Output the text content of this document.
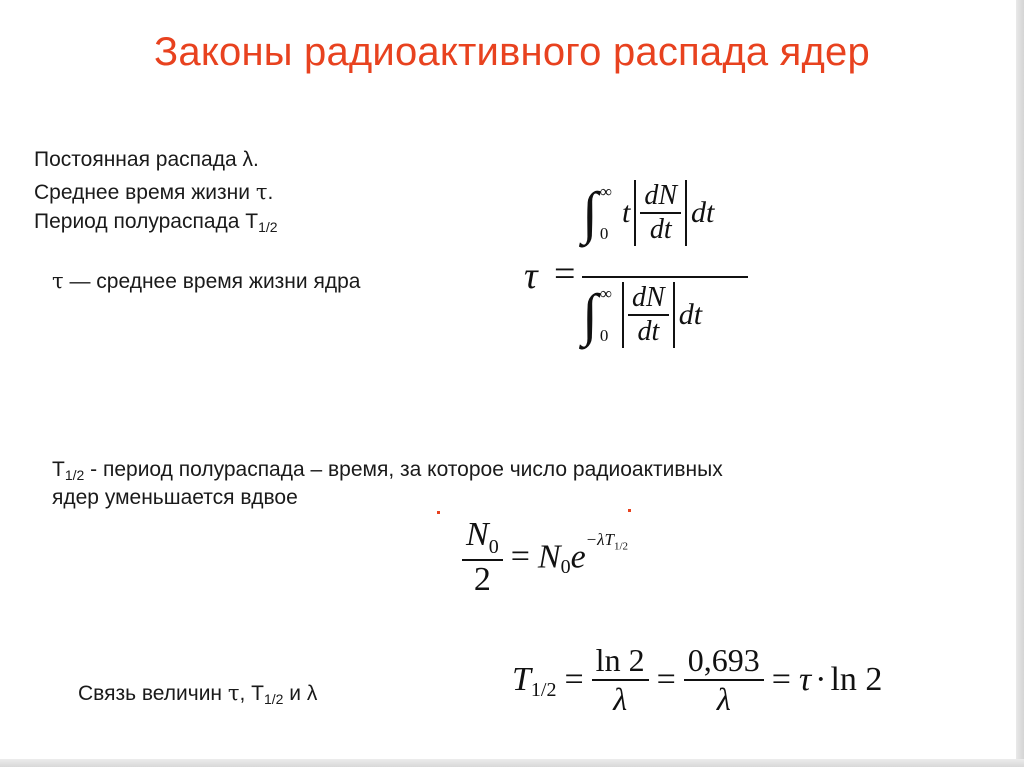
Законы радиоактивного распада ядер
Постоянная распада λ.
Среднее время жизни τ.
Период полураспада $Т_{1/2}$
τ — среднее время жизни ядра	τ =
∫ ∞
0
t $\frac{dN}{dt}$ dt
∫ ∞
0
$\frac{dN}{dt}$ dt
$Т_{1/2}$ - период полураспада – время, за которое число радиоактивных
ядер уменьшается вдвое
$\frac{N_0}{2} = N_0e-\lambda T_{1/2}$
Связь величин τ, $Т_{1/2}$ и λ	$T_{1/2} = \frac{\ln 2}{\lambda} = \frac{0,693}{\lambda} = \tau \cdot \ln 2$
